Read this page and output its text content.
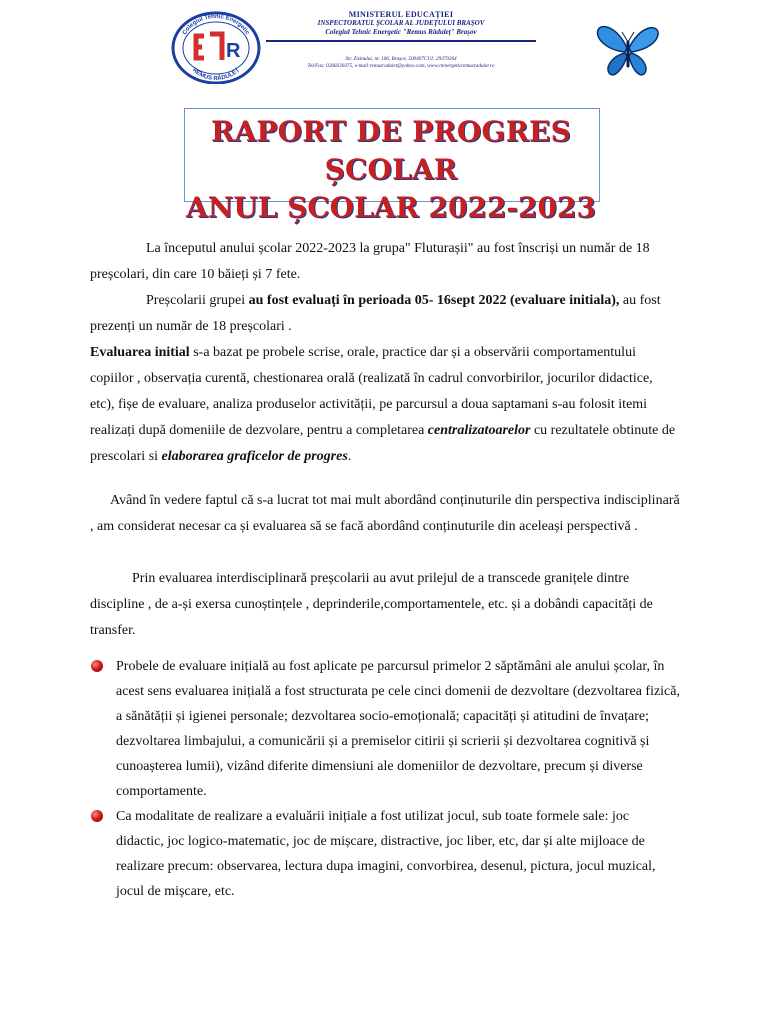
Colegiul Tehnic Energetic
REMUS RĂDULEȚ
R
MINISTERUL EDUCAȚIEI
INSPECTORATUL ȘCOLAR AL JUDEȚULUI BRAȘOV
Colegiul Tehnic Energetic "Remus Răduleț" Brașov
Str. Zizinului, nr. 106, Brașov, 500407CUI: 29379264
Tel/Fax: 0268330375, e-mail:remusradulet@yahoo.com, www.ctenergeticremusradulet.ro
RAPORT DE PROGRES ȘCOLAR
ANUL ȘCOLAR 2022-2023
La începutul anului școlar 2022-2023 la grupa" Fluturașii" au fost înscriși un număr de 18 preșcolari, din care 10 băieți și 7 fete.
Preșcolarii grupei au fost evaluați în perioada 05- 16sept 2022 (evaluare initiala), au fost prezenți un număr de 18 preșcolari .
Evaluarea initial s-a bazat pe probele scrise, orale, practice dar și a observării comportamentului copiilor , observația curentă, chestionarea orală (realizată în cadrul convorbirilor, jocurilor didactice, etc), fișe de evaluare, analiza produselor activității, pe parcursul a doua saptamani s-au folosit itemi realizați după domeniile de dezvolare, pentru a completarea centralizatoarelor cu rezultatele obtinute de prescolari si elaborarea graficelor de progres.
Având în vedere faptul că s-a lucrat tot mai mult abordând conținuturile din perspectiva indisciplinară , am considerat necesar ca și evaluarea să se facă abordând conținuturile din aceleași perspectivă .
Prin evaluarea interdisciplinară preșcolarii au avut prilejul de a transcede granițele dintre discipline , de a-și exersa cunoștințele , deprinderile,comportamentele, etc. și a dobândi capacități de transfer.
Probele de evaluare inițială au fost aplicate pe parcursul primelor 2 săptămâni ale anului școlar, în acest sens evaluarea inițială a fost structurata pe cele cinci domenii de dezvoltare (dezvoltarea fizică, a sănătății și igienei personale; dezvoltarea socio-emoțională; capacități și atitudini de învațare; dezvoltarea limbajului, a comunicării și a premiselor citirii și scrierii și dezvoltarea cognitivă și cunoașterea lumii), vizând diferite dimensiuni ale domeniilor de dezvoltare, precum și diverse comportamente.
Ca modalitate de realizare a evaluării inițiale a fost utilizat jocul, sub toate formele sale: joc didactic, joc logico-matematic, joc de mișcare, distractive, joc liber, etc, dar și alte mijloace de realizare precum: observarea, lectura dupa imagini, convorbirea, desenul, pictura, jocul muzical, jocul de mișcare, etc.
